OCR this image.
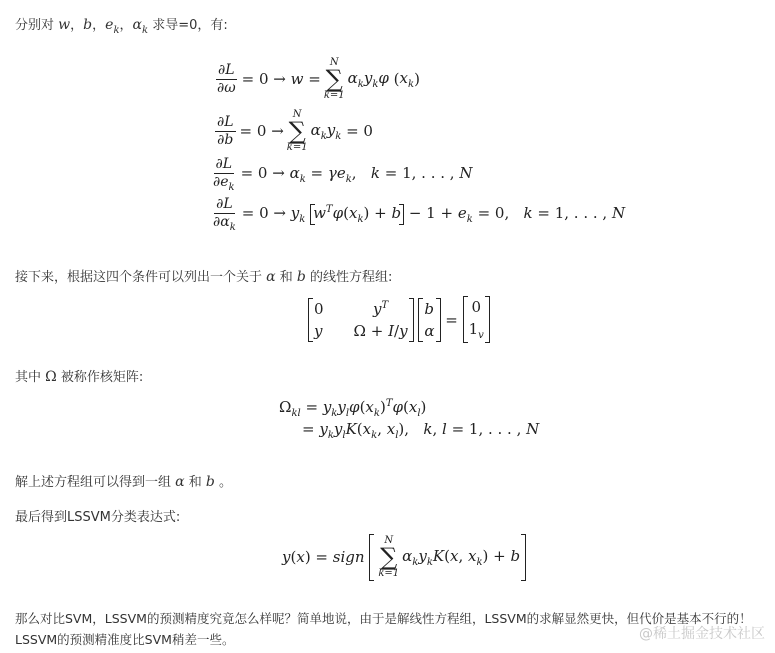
分别对 w，b，$e_k$，$\alpha_k$ 求导=0，有:
$\frac{\partial L}{\partial\omega} = 0 \to w$ =
N
∑
k=1
$\alpha_ky_k\varphi$ ( $x_k$ )
$\frac{\partial L}{\partial b} = 0$ →
N
∑
k=1
$\alpha_ky_k = 0$
$\frac{\partial L}{\partial e_k} = 0 \to \alpha_k = \gamma e_k$,   k = 1, . . . , N
$\frac{\partial L}{\partial\alpha_k} = 0 \to y_k$ $w^T\varphi(x_k) + b - 1 + e_k = 0$,   k = 1, . . . , N
接下来，根据这四个条件可以列出一个关于 α 和 b 的线性方程组:
0	$y^T$
y Ω + I/y

b
α
=
0
$1_v$
其中 Ω 被称作核矩阵:
$\Omega_{kl} = y_ky_l\varphi(x_k)^T\varphi(x_l)$
= $y_ky_lK(x_k$, $x_l$),   k, l = 1, . . . , N
解上述方程组可以得到一组 α 和 b 。
最后得到LSSVM分类表达式:
y(x) = sign
N
∑
k=1
$\alpha_ky_kK(x$, $x_k) + b$
那么对比SVM，LSSVM的预测精度究竟怎么样呢？简单地说，由于是解线性方程组，LSSVM的求解显然更快，但代价是基本不行的！
LSSVM的预测精准度比SVM稍差一些。	@稀土掘金技术社区
